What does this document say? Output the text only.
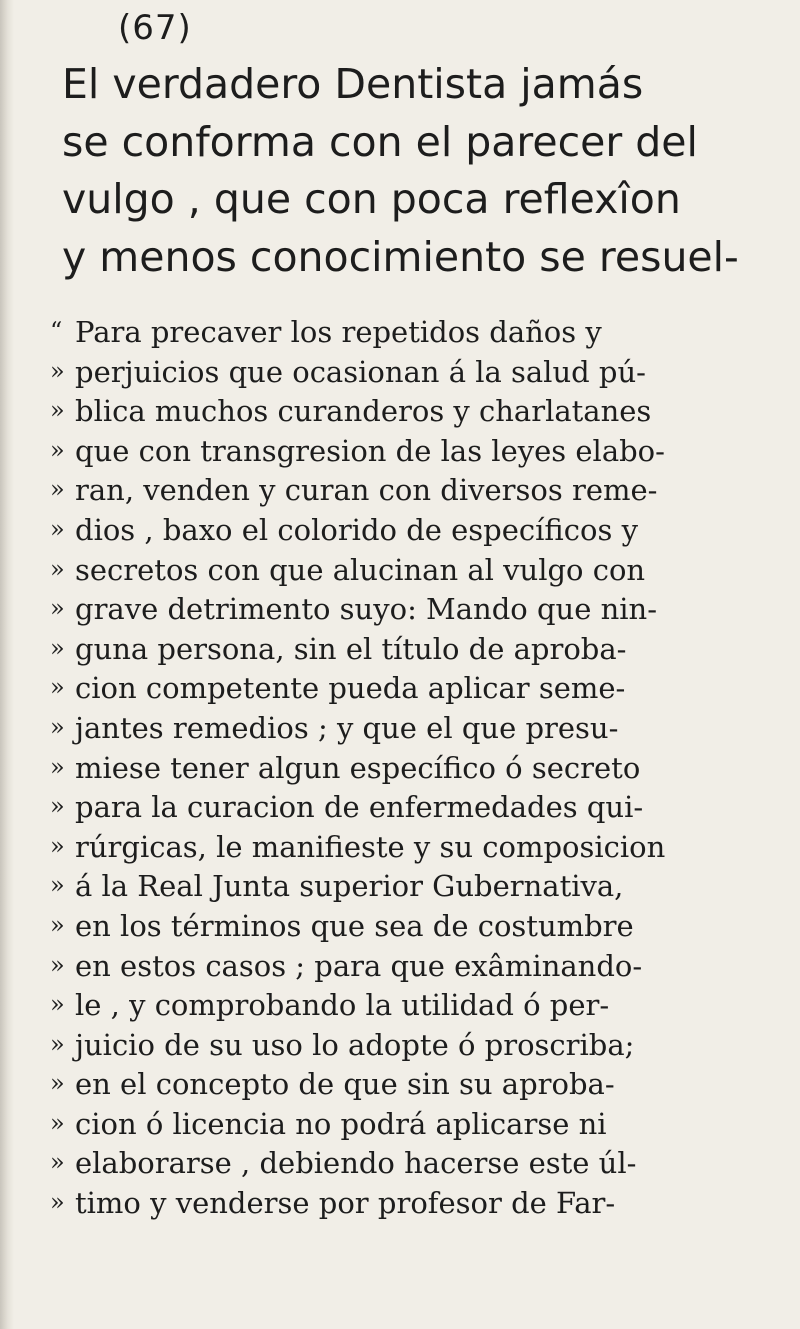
(67)
El verdadero Dentista jamás
se conforma con el parecer del
vulgo , que con poca reflexîon
y menos conocimiento se resuel-
“ Para precaver los repetidos daños y
» perjuicios que ocasionan á la salud pú-
» blica muchos curanderos y charlatanes
» que con transgresion de las leyes elabo-
» ran, venden y curan con diversos reme-
» dios , baxo el colorido de específicos y
» secretos con que alucinan al vulgo con
» grave detrimento suyo: Mando que nin-
» guna persona, sin el título de aproba-
» cion competente pueda aplicar seme-
» jantes remedios ; y que el que presu-
» miese tener algun específico ó secreto
» para la curacion de enfermedades qui-
» rúrgicas, le manifieste y su composicion
» á la Real Junta superior Gubernativa,
» en los términos que sea de costumbre
» en estos casos ; para que exâminando-
» le , y comprobando la utilidad ó per-
» juicio de su uso lo adopte ó proscriba;
» en el concepto de que sin su aproba-
» cion ó licencia no podrá aplicarse ni
» elaborarse , debiendo hacerse este úl-
» timo y venderse por profesor de Far-
